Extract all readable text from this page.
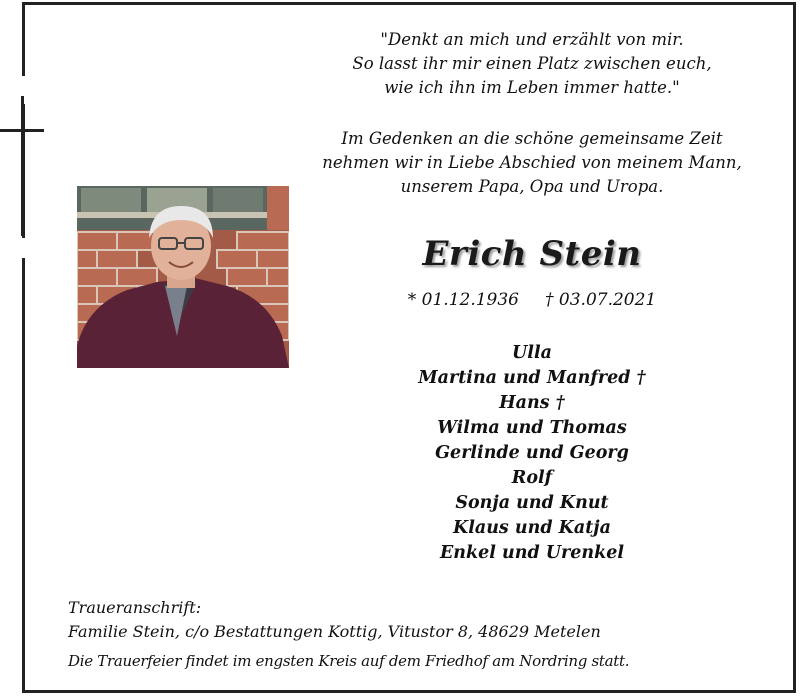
"Denkt an mich und erzählt von mir.
So lasst ihr mir einen Platz zwischen euch,
wie ich ihn im Leben immer hatte."
Im Gedenken an die schöne gemeinsame Zeit
nehmen wir in Liebe Abschied von meinem Mann,
unserem Papa, Opa und Uropa.
Erich Stein
* 01.12.1936 † 03.07.2021
Ulla
Martina und Manfred †
Hans †
Wilma und Thomas
Gerlinde und Georg
Rolf
Sonja und Knut
Klaus und Katja
Enkel und Urenkel
Traueranschrift:
Familie Stein, c/o Bestattungen Kottig, Vitustor 8, 48629 Metelen
Die Trauerfeier findet im engsten Kreis auf dem Friedhof am Nordring statt.
